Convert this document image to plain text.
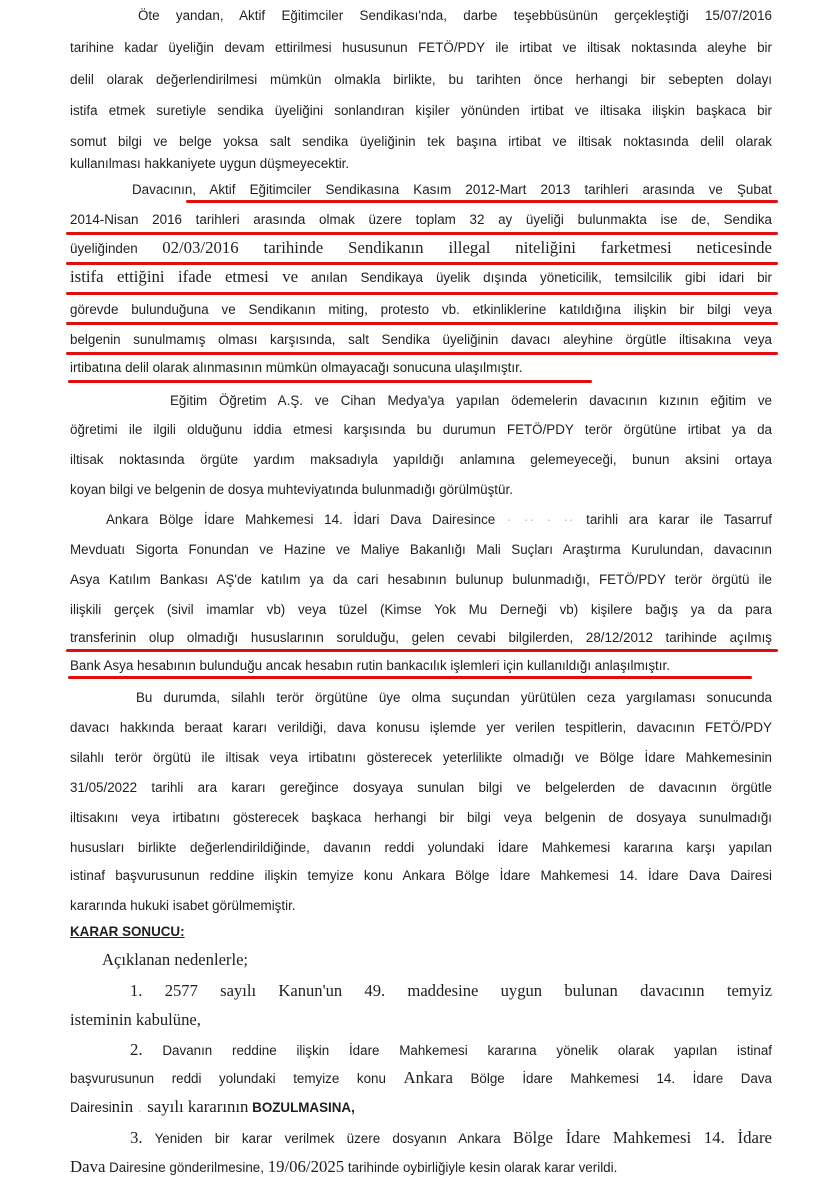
Öte yandan, Aktif Eğitimciler Sendikası'nda, darbe teşebbüsünün gerçekleştiği 15/07/2016
tarihine kadar üyeliğin devam ettirilmesi hususunun FETÖ/PDY ile irtibat ve iltisak noktasında aleyhe bir
delil olarak değerlendirilmesi mümkün olmakla birlikte, bu tarihten önce herhangi bir sebepten dolayı
istifa etmek suretiyle sendika üyeliğini sonlandıran kişiler yönünden irtibat ve iltisaka ilişkin başkaca bir
somut bilgi ve belge yoksa salt sendika üyeliğinin tek başına irtibat ve iltisak noktasında delil olarak
kullanılması hakkaniyete uygun düşmeyecektir.
Davacının, Aktif Eğitimciler Sendikasına Kasım 2012-Mart 2013 tarihleri arasında ve Şubat
2014-Nisan 2016 tarihleri arasında olmak üzere toplam 32 ay üyeliği bulunmakta ise de, Sendika
üyeliğinden 02/03/2016 tarihinde Sendikanın illegal niteliğini farketmesi neticesinde
istifa ettiğini ifade etmesi ve anılan Sendikaya üyelik dışında yöneticilik, temsilcilik gibi idari bir
görevde bulunduğuna ve Sendikanın miting, protesto vb. etkinliklerine katıldığına ilişkin bir bilgi veya
belgenin sunulmamış olması karşısında, salt Sendika üyeliğinin davacı aleyhine örgütle iltisakına veya
irtibatına delil olarak alınmasının mümkün olmayacağı sonucuna ulaşılmıştır.
Eğitim Öğretim A.Ş. ve Cihan Medya'ya yapılan ödemelerin davacının kızının eğitim ve
öğretimi ile ilgili olduğunu iddia etmesi karşısında bu durumun FETÖ/PDY terör örgütüne irtibat ya da
iltisak noktasında örgüte yardım maksadıyla yapıldığı anlamına gelemeyeceği, bunun aksini ortaya
koyan bilgi ve belgenin de dosya muhteviyatında bulunmadığı görülmüştür.
Ankara Bölge İdare Mahkemesi 14. İdari Dava Dairesince · ·· · ·· tarihli ara karar ile Tasarruf
Mevduatı Sigorta Fonundan ve Hazine ve Maliye Bakanlığı Mali Suçları Araştırma Kurulundan, davacının
Asya Katılım Bankası AŞ'de katılım ya da cari hesabının bulunup bulunmadığı, FETÖ/PDY terör örgütü ile
ilişkili gerçek (sivil imamlar vb) veya tüzel (Kimse Yok Mu Derneği vb) kişilere bağış ya da para
transferinin olup olmadığı hususlarının sorulduğu, gelen cevabi bilgilerden, 28/12/2012 tarihinde açılmış
Bank Asya hesabının bulunduğu ancak hesabın rutin bankacılık işlemleri için kullanıldığı anlaşılmıştır.
Bu durumda, silahlı terör örgütüne üye olma suçundan yürütülen ceza yargılaması sonucunda
davacı hakkında beraat kararı verildiği, dava konusu işlemde yer verilen tespitlerin, davacının FETÖ/PDY
silahlı terör örgütü ile iltisak veya irtibatını gösterecek yeterlilikte olmadığı ve Bölge İdare Mahkemesinin
31/05/2022 tarihli ara kararı gereğince dosyaya sunulan bilgi ve belgelerden de davacının örgütle
iltisakını veya irtibatını gösterecek başkaca herhangi bir bilgi veya belgenin de dosyaya sunulmadığı
hususları birlikte değerlendirildiğinde, davanın reddi yolundaki İdare Mahkemesi kararına karşı yapılan
istinaf başvurusunun reddine ilişkin temyize konu Ankara Bölge İdare Mahkemesi 14. İdare Dava Dairesi
kararında hukuki isabet görülmemiştir.
KARAR SONUCU:
Açıklanan nedenlerle;
1. 2577 sayılı Kanun'un 49. maddesine uygun bulunan davacının temyiz
isteminin kabulüne,
2. Davanın reddine ilişkin İdare Mahkemesi kararına yönelik olarak yapılan istinaf
başvurusunun reddi yolundaki temyize konu Ankara Bölge İdare Mahkemesi 14. İdare Dava
Dairesinin . sayılı kararının BOZULMASINA,
3. Yeniden bir karar verilmek üzere dosyanın Ankara Bölge İdare Mahkemesi 14. İdare
Dava Dairesine gönderilmesine, 19/06/2025 tarihinde oybirliğiyle kesin olarak karar verildi.
